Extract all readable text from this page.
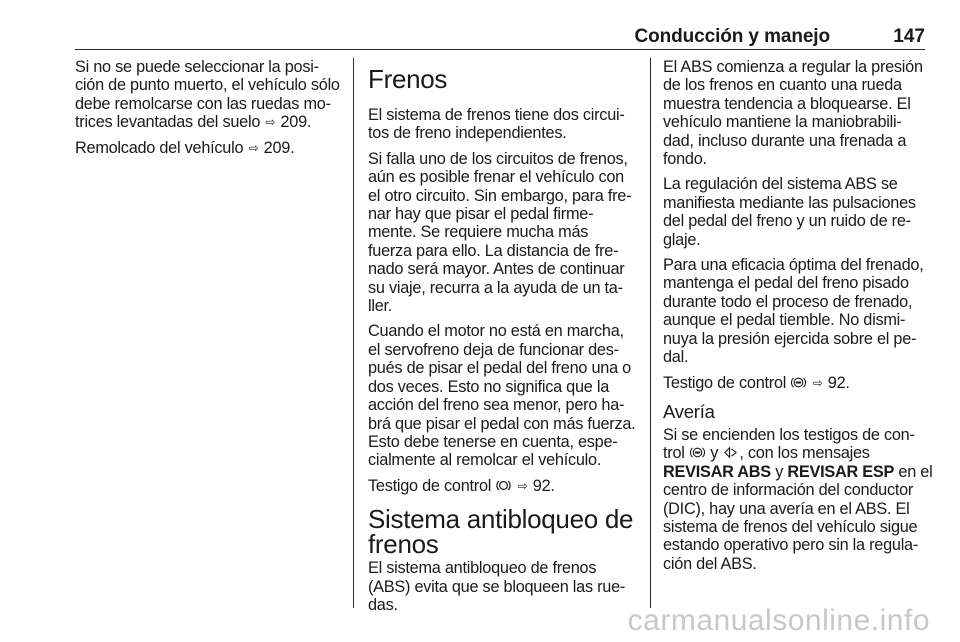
Conducción y manejo	147

Si no se puede seleccionar la posi-
ción de punto muerto, el vehículo sólo
debe remolcarse con las ruedas mo-
trices levantadas del suelo ⇨ 209.

Remolcado del vehículo ⇨ 209.

Frenos

El sistema de frenos tiene dos circui-
tos de freno independientes.

Si falla uno de los circuitos de frenos,
aún es posible frenar el vehículo con
el otro circuito. Sin embargo, para fre-
nar hay que pisar el pedal firme-
mente. Se requiere mucha más
fuerza para ello. La distancia de fre-
nado será mayor. Antes de continuar
su viaje, recurra a la ayuda de un ta-
ller.

Cuando el motor no está en marcha,
el servofreno deja de funcionar des-
pués de pisar el pedal del freno una o
dos veces. Esto no significa que la
acción del freno sea menor, pero ha-
brá que pisar el pedal con más fuerza.
Esto debe tenerse en cuenta, espe-
cialmente al remolcar el vehículo.

Testigo de control ⇨ 92.

Sistema antibloqueo de
frenos

El sistema antibloqueo de frenos
(ABS) evita que se bloqueen las rue-
das.

El ABS comienza a regular la presión
de los frenos en cuanto una rueda
muestra tendencia a bloquearse. El
vehículo mantiene la maniobrabili-
dad, incluso durante una frenada a
fondo.

La regulación del sistema ABS se
manifiesta mediante las pulsaciones
del pedal del freno y un ruido de re-
glaje.

Para una eficacia óptima del frenado,
mantenga el pedal del freno pisado
durante todo el proceso de frenado,
aunque el pedal tiemble. No dismi-
nuya la presión ejercida sobre el pe-
dal.

Testigo de control ⇨ 92.

Avería

Si se encienden los testigos de con-
trol y , con los mensajes
REVISAR ABS y REVISAR ESP en el
centro de información del conductor
(DIC), hay una avería en el ABS. El
sistema de frenos del vehículo sigue
estando operativo pero sin la regula-
ción del ABS.

carmanualsonline.info
